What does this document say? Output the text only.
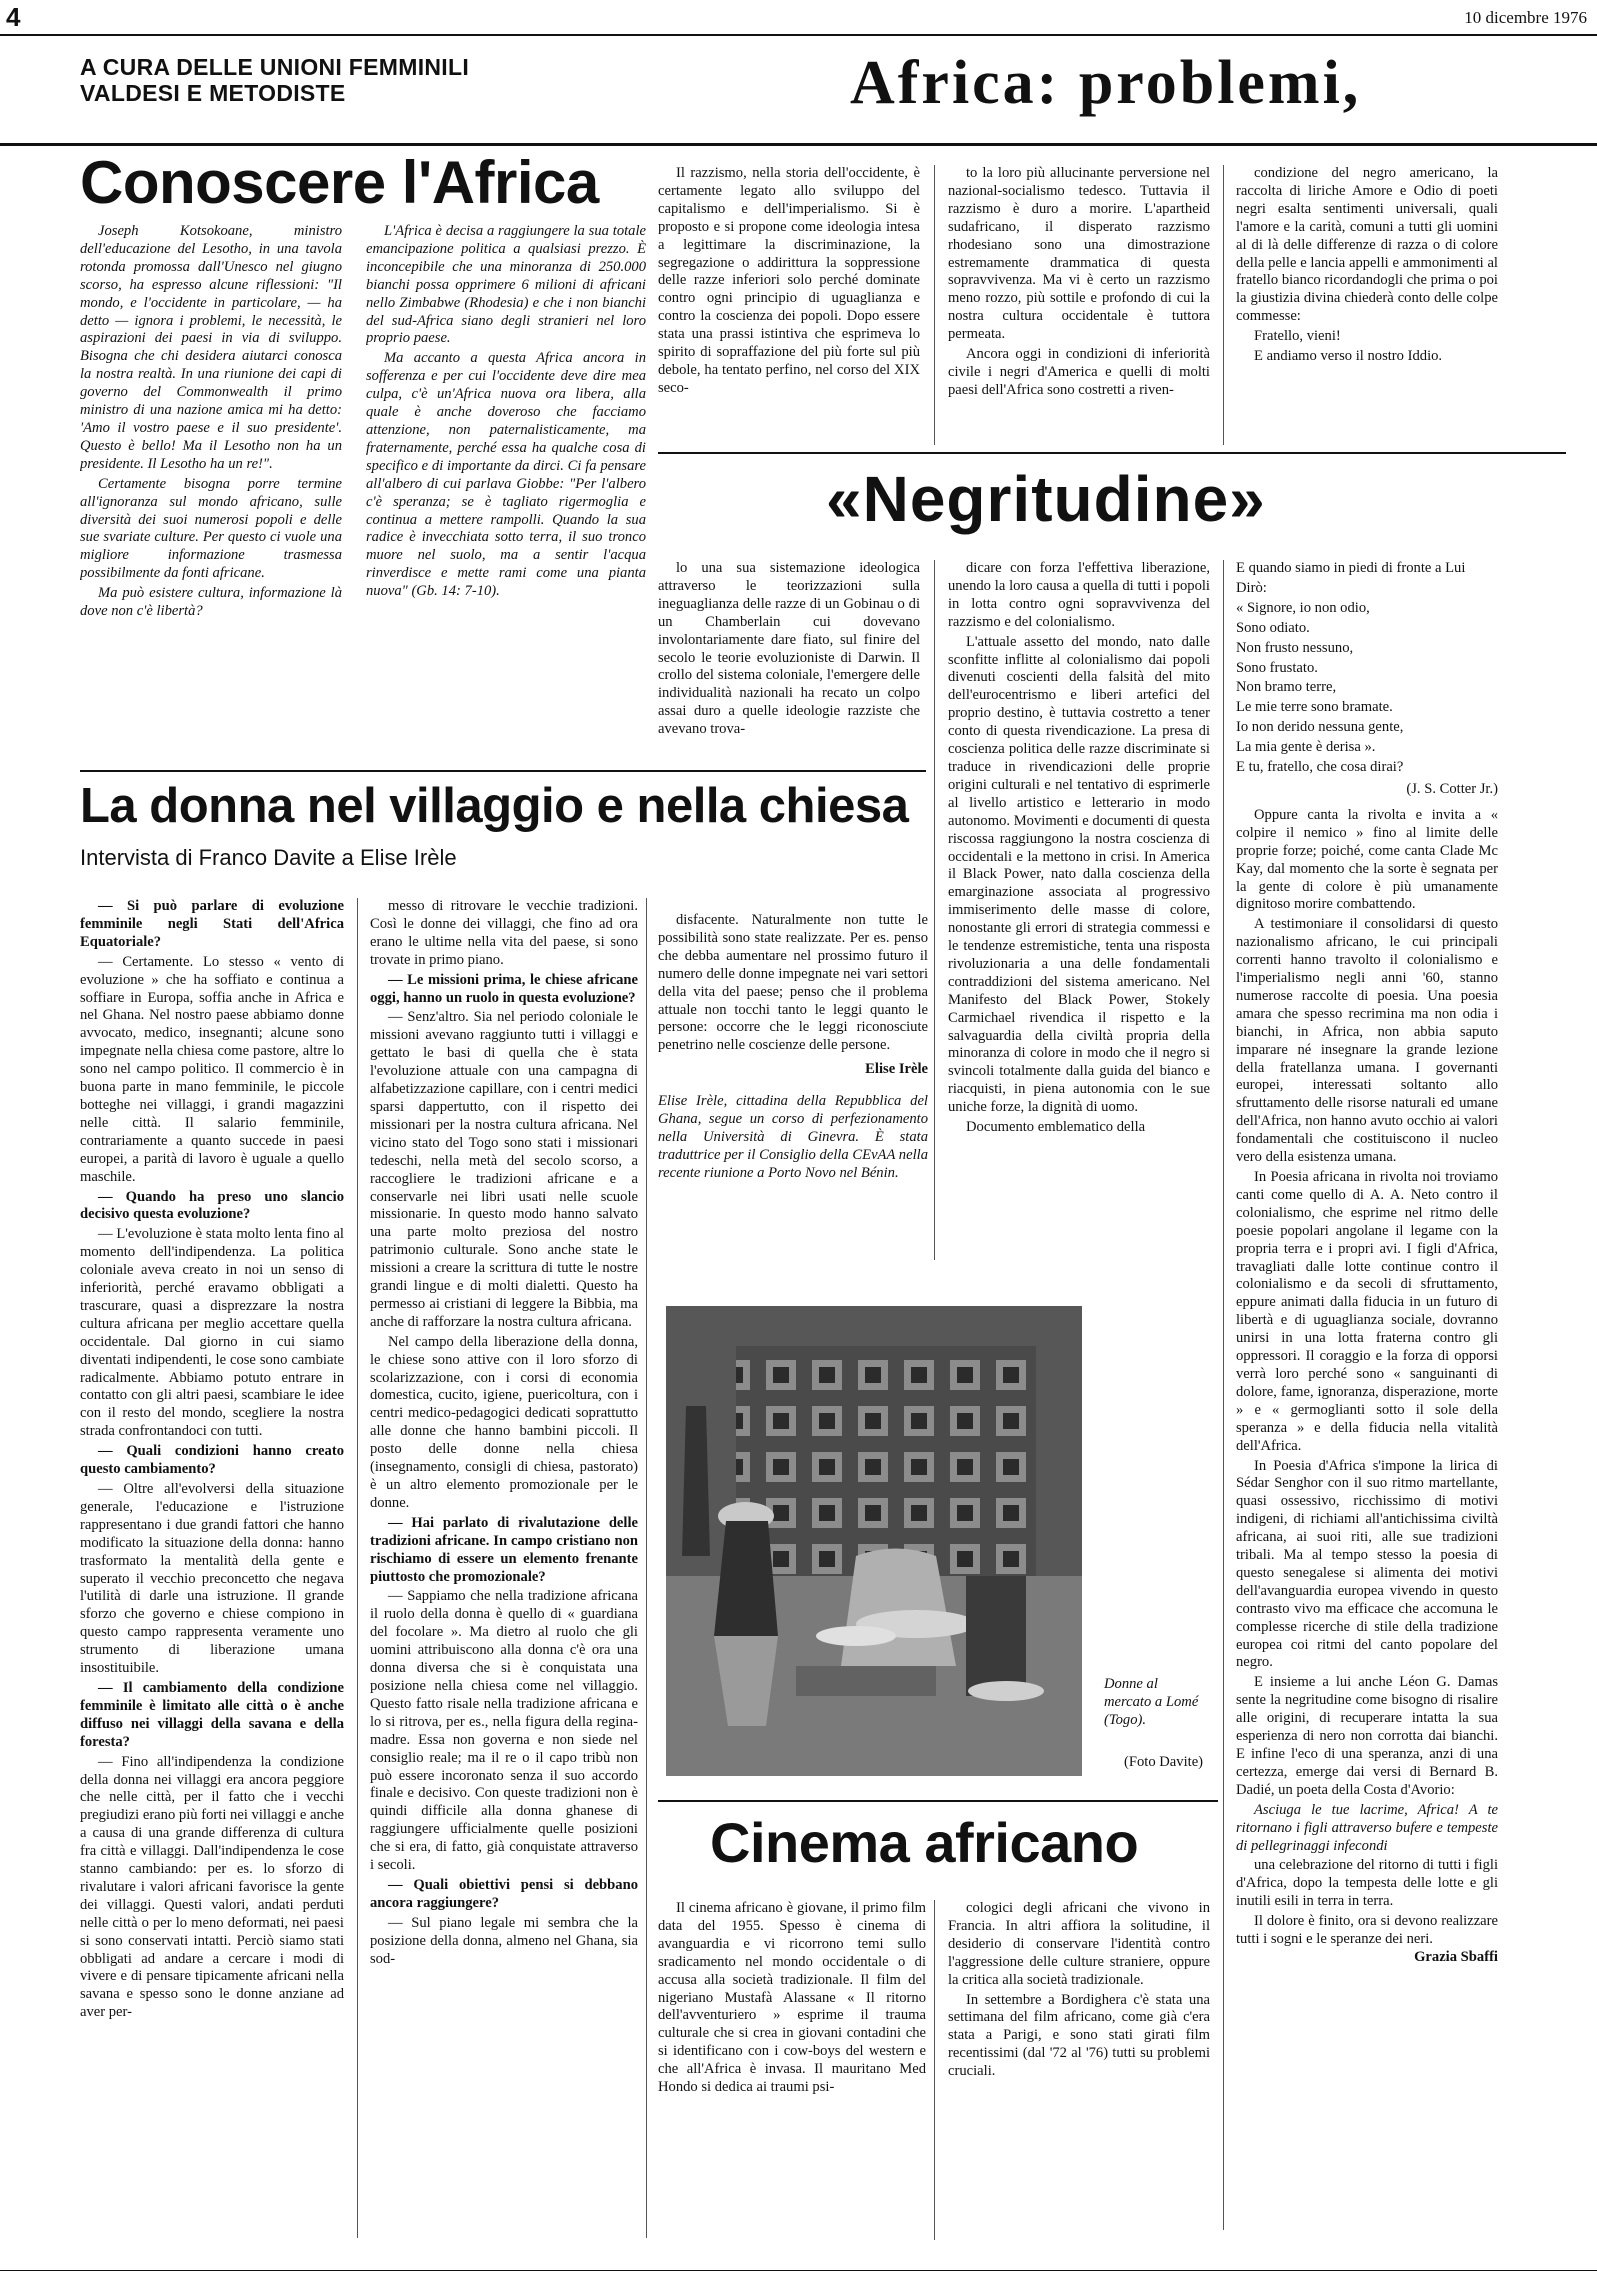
4	10 dicembre 1976
A CURA DELLE UNIONI FEMMINILI
VALDESI E METODISTE	Africa: problemi,
Conoscere l'Africa

Joseph Kotsokoane, ministro dell'educazione del Lesotho, in una tavola rotonda promossa dall'Unesco nel giugno scorso, ha espresso alcune riflessioni: "Il mondo, e l'occidente in particolare, — ha detto — ignora i problemi, le necessità, le aspirazioni dei paesi in via di sviluppo. Bisogna che chi desidera aiutarci conosca la nostra realtà. In una riunione dei capi di governo del Commonwealth il primo ministro di una nazione amica mi ha detto: 'Amo il vostro paese e il suo presidente'. Questo è bello! Ma il Lesotho non ha un presidente. Il Lesotho ha un re!".

Certamente bisogna porre termine all'ignoranza sul mondo africano, sulle diversità dei suoi numerosi popoli e delle sue svariate culture. Per questo ci vuole una migliore informazione trasmessa possibilmente da fonti africane.

Ma può esistere cultura, informazione là dove non c'è libertà?

L'Africa è decisa a raggiungere la sua totale emancipazione politica a qualsiasi prezzo. È inconcepibile che una minoranza di 250.000 bianchi possa opprimere 6 milioni di africani nello Zimbabwe (Rhodesia) e che i non bianchi del sud-Africa siano degli stranieri nel loro proprio paese.

Ma accanto a questa Africa ancora in sofferenza e per cui l'occidente deve dire mea culpa, c'è un'Africa nuova ora libera, alla quale è anche doveroso che facciamo attenzione, non paternalisticamente, ma fraternamente, perché essa ha qualche cosa di specifico e di importante da dirci. Ci fa pensare all'albero di cui parlava Giobbe: "Per l'albero c'è speranza; se è tagliato rigermoglia e continua a mettere rampolli. Quando la sua radice è invecchiata sotto terra, il suo tronco muore nel suolo, ma a sentir l'acqua rinverdisce e mette rami come una pianta nuova" (Gb. 14: 7-10).

Il razzismo, nella storia dell'occidente, è certamente legato allo sviluppo del capitalismo e dell'imperialismo. Si è proposto e si propone come ideologia intesa a legittimare la discriminazione, la segregazione o addirittura la soppressione delle razze inferiori solo perché dominate contro ogni principio di uguaglianza e contro la coscienza dei popoli. Dopo essere stata una prassi istintiva che esprimeva lo spirito di sopraffazione del più forte sul più debole, ha tentato perfino, nel corso del XIX seco-

to la loro più allucinante perversione nel nazional-socialismo tedesco. Tuttavia il razzismo è duro a morire. L'apartheid sudafricano, il disperato razzismo rhodesiano sono una dimostrazione estremamente drammatica di questa sopravvivenza. Ma vi è certo un razzismo meno rozzo, più sottile e profondo di cui la nostra cultura occidentale è tuttora permeata.

Ancora oggi in condizioni di inferiorità civile i negri d'America e quelli di molti paesi dell'Africa sono costretti a riven-

condizione del negro americano, la raccolta di liriche Amore e Odio di poeti negri esalta sentimenti universali, quali l'amore e la carità, comuni a tutti gli uomini al di là delle differenze di razza o di colore della pelle e lancia appelli e ammonimenti al fratello bianco ricordandogli che prima o poi la giustizia divina chiederà conto delle colpe commesse:

Fratello, vieni!

E andiamo verso il nostro Iddio.

«Negritudine»

lo una sua sistemazione ideologica attraverso le teorizzazioni sulla ineguaglianza delle razze di un Gobinau o di un Chamberlain cui dovevano involontariamente dare fiato, sul finire del secolo le teorie evoluzioniste di Darwin. Il crollo del sistema coloniale, l'emergere delle individualità nazionali ha recato un colpo assai duro a quelle ideologie razziste che avevano trova-

dicare con forza l'effettiva liberazione, unendo la loro causa a quella di tutti i popoli in lotta contro ogni sopravvivenza del razzismo e del colonialismo.

L'attuale assetto del mondo, nato dalle sconfitte inflitte al colonialismo dai popoli divenuti coscienti della falsità del mito dell'eurocentrismo e liberi artefici del proprio destino, è tuttavia costretto a tener conto di questa rivendicazione. La presa di coscienza politica delle razze discriminate si traduce in rivendicazioni delle proprie origini culturali e nel tentativo di esprimerle al livello artistico e letterario in modo autonomo. Movimenti e documenti di questa riscossa raggiungono la nostra coscienza di occidentali e la mettono in crisi. In America il Black Power, nato dalla coscienza della emarginazione associata al progressivo immiserimento delle masse di colore, nonostante gli errori di strategia commessi e le tendenze estremistiche, tenta una risposta rivoluzionaria a una delle fondamentali contraddizioni del sistema americano. Nel Manifesto del Black Power, Stokely Carmichael rivendica il rispetto e la salvaguardia della civiltà propria della minoranza di colore in modo che il negro si svincoli totalmente dalla guida del bianco e riacquisti, in piena autonomia con le sue uniche forze, la dignità di uomo.

Documento emblematico della

E quando siamo in piedi di fronte a Lui

Dirò:

« Signore, io non odio,

Sono odiato.

Non frusto nessuno,

Sono frustato.

Non bramo terre,

Le mie terre sono bramate.

Io non derido nessuna gente,

La mia gente è derisa ».

E tu, fratello, che cosa dirai?

(J. S. Cotter Jr.)

Oppure canta la rivolta e invita a « colpire il nemico » fino al limite delle proprie forze; poiché, come canta Clade Mc Kay, dal momento che la sorte è segnata per la gente di colore è più umanamente dignitoso morire combattendo.

A testimoniare il consolidarsi di questo nazionalismo africano, le cui principali correnti hanno travolto il colonialismo e l'imperialismo negli anni '60, stanno numerose raccolte di poesia. Una poesia amara che spesso recrimina ma non odia i bianchi, in Africa, non abbia saputo imparare né insegnare la grande lezione della fratellanza umana. I governanti europei, interessati soltanto allo sfruttamento delle risorse naturali ed umane dell'Africa, non hanno avuto occhio ai valori fondamentali che costituiscono il nucleo vero della esistenza umana.

In Poesia africana in rivolta noi troviamo canti come quello di A. A. Neto contro il colonialismo, che esprime nel ritmo delle poesie popolari angolane il legame con la propria terra e i propri avi. I figli d'Africa, travagliati dalle lotte continue contro il colonialismo e da secoli di sfruttamento, eppure animati dalla fiducia in un futuro di libertà e di uguaglianza sociale, dovranno unirsi in una lotta fraterna contro gli oppressori. Il coraggio e la forza di opporsi verrà loro perché sono « sanguinanti di dolore, fame, ignoranza, disperazione, morte » e « germoglianti sotto il sole della speranza » e della fiducia nella vitalità dell'Africa.

In Poesia d'Africa s'impone la lirica di Sédar Senghor con il suo ritmo martellante, quasi ossessivo, ricchissimo di motivi indigeni, di richiami all'antichissima civiltà africana, ai suoi riti, alle sue tradizioni tribali. Ma al tempo stesso la poesia di questo senegalese si alimenta dei motivi dell'avanguardia europea vivendo in questo contrasto vivo ma efficace che accomuna le complesse ricerche di stile della tradizione europea coi ritmi del canto popolare del negro.

E insieme a lui anche Léon G. Damas sente la negritudine come bisogno di risalire alle origini, di recuperare intatta la sua esperienza di nero non corrotta dai bianchi. E infine l'eco di una speranza, anzi di una certezza, emerge dai versi di Bernard B. Dadié, un poeta della Costa d'Avorio:

Asciuga le tue lacrime, Africa! A te ritornano i figli attraverso bufere e tempeste di pellegrinaggi infecondi

una celebrazione del ritorno di tutti i figli d'Africa, dopo la tempesta delle lotte e gli inutili esili in terra in terra.

Il dolore è finito, ora si devono realizzare tutti i sogni e le speranze dei neri.

Grazia Sbaffi
La donna nel villaggio e nella chiesa
Intervista di Franco Davite a Elise Irèle

— Si può parlare di evoluzione femminile negli Stati dell'Africa Equatoriale?

— Certamente. Lo stesso « vento di evoluzione » che ha soffiato e continua a soffiare in Europa, soffia anche in Africa e nel Ghana. Nel nostro paese abbiamo donne avvocato, medico, insegnanti; alcune sono impegnate nella chiesa come pastore, altre lo sono nel campo politico. Il commercio è in buona parte in mano femminile, le piccole botteghe nei villaggi, i grandi magazzini nelle città. Il salario femminile, contrariamente a quanto succede in paesi europei, a parità di lavoro è uguale a quello maschile.

— Quando ha preso uno slancio decisivo questa evoluzione?

— L'evoluzione è stata molto lenta fino al momento dell'indipendenza. La politica coloniale aveva creato in noi un senso di inferiorità, perché eravamo obbligati a trascurare, quasi a disprezzare la nostra cultura africana per meglio accettare quella occidentale. Dal giorno in cui siamo diventati indipendenti, le cose sono cambiate radicalmente. Abbiamo potuto entrare in contatto con gli altri paesi, scambiare le idee con il resto del mondo, scegliere la nostra strada confrontandoci con tutti.

— Quali condizioni hanno creato questo cambiamento?

— Oltre all'evolversi della situazione generale, l'educazione e l'istruzione rappresentano i due grandi fattori che hanno modificato la situazione della donna: hanno trasformato la mentalità della gente e superato il vecchio preconcetto che negava l'utilità di darle una istruzione. Il grande sforzo che governo e chiese compiono in questo campo rappresenta veramente uno strumento di liberazione umana insostituibile.

— Il cambiamento della condizione femminile è limitato alle città o è anche diffuso nei villaggi della savana e della foresta?

— Fino all'indipendenza la condizione della donna nei villaggi era ancora peggiore che nelle città, per il fatto che i vecchi pregiudizi erano più forti nei villaggi e anche a causa di una grande differenza di cultura fra città e villaggi. Dall'indipendenza le cose stanno cambiando: per es. lo sforzo di rivalutare i valori africani favorisce la gente dei villaggi. Questi valori, andati perduti nelle città o per lo meno deformati, nei paesi si sono conservati intatti. Perciò siamo stati obbligati ad andare a cercare i modi di vivere e di pensare tipicamente africani nella savana e spesso sono le donne anziane ad aver per-

messo di ritrovare le vecchie tradizioni. Così le donne dei villaggi, che fino ad ora erano le ultime nella vita del paese, si sono trovate in primo piano.

— Le missioni prima, le chiese africane oggi, hanno un ruolo in questa evoluzione?

— Senz'altro. Sia nel periodo coloniale le missioni avevano raggiunto tutti i villaggi e gettato le basi di quella che è stata l'evoluzione attuale con una campagna di alfabetizzazione capillare, con i centri medici sparsi dappertutto, con il rispetto dei missionari per la nostra cultura africana. Nel vicino stato del Togo sono stati i missionari tedeschi, nella metà del secolo scorso, a raccogliere le tradizioni africane e a conservarle nei libri usati nelle scuole missionarie. In questo modo hanno salvato una parte molto preziosa del nostro patrimonio culturale. Sono anche state le missioni a creare la scrittura di tutte le nostre grandi lingue e di molti dialetti. Questo ha permesso ai cristiani di leggere la Bibbia, ma anche di rafforzare la nostra cultura africana.

Nel campo della liberazione della donna, le chiese sono attive con il loro sforzo di scolarizzazione, con i corsi di economia domestica, cucito, igiene, puericoltura, con i centri medico-pedagogici dedicati soprattutto alle donne che hanno bambini piccoli. Il posto delle donne nella chiesa (insegnamento, consigli di chiesa, pastorato) è un altro elemento promozionale per le donne.

— Hai parlato di rivalutazione delle tradizioni africane. In campo cristiano non rischiamo di essere un elemento frenante piuttosto che promozionale?

— Sappiamo che nella tradizione africana il ruolo della donna è quello di « guardiana del focolare ». Ma dietro al ruolo che gli uomini attribuiscono alla donna c'è ora una donna diversa che si è conquistata una posizione nella chiesa come nel villaggio. Questo fatto risale nella tradizione africana e lo si ritrova, per es., nella figura della regina-madre. Essa non governa e non siede nel consiglio reale; ma il re o il capo tribù non può essere incoronato senza il suo accordo finale e decisivo. Con queste tradizioni non è quindi difficile alla donna ghanese di raggiungere ufficialmente quelle posizioni che si era, di fatto, già conquistate attraverso i secoli.

— Quali obiettivi pensi si debbano ancora raggiungere?

— Sul piano legale mi sembra che la posizione della donna, almeno nel Ghana, sia sod-

disfacente. Naturalmente non tutte le possibilità sono state realizzate. Per es. penso che debba aumentare nel prossimo futuro il numero delle donne impegnate nei vari settori della vita del paese; penso che il problema attuale non tocchi tanto le leggi quanto le persone: occorre che le leggi riconosciute penetrino nelle coscienze delle persone.

Elise Irèle

Elise Irèle, cittadina della Repubblica del Ghana, segue un corso di perfezionamento nella Università di Ginevra. È stata traduttrice per il Consiglio della CEvAA nella recente riunione a Porto Novo nel Bénin.

Donne al mercato a Lomé (Togo).
(Foto Davite)
Cinema africano

Il cinema africano è giovane, il primo film data del 1955. Spesso è cinema di avanguardia e vi ricorrono temi sullo sradicamento nel mondo occidentale o di accusa alla società tradizionale. Il film del nigeriano Mustafà Alassane « Il ritorno dell'avventuriero » esprime il trauma culturale che si crea in giovani contadini che si identificano con i cow-boys del western e che all'Africa è invasa. Il mauritano Med Hondo si dedica ai traumi psi-

cologici degli africani che vivono in Francia. In altri affiora la solitudine, il desiderio di conservare l'identità contro l'aggressione delle culture straniere, oppure la critica alla società tradizionale.

In settembre a Bordighera c'è stata una settimana del film africano, come già c'era stata a Parigi, e sono stati girati film recentissimi (dal '72 al '76) tutti su problemi cruciali.
